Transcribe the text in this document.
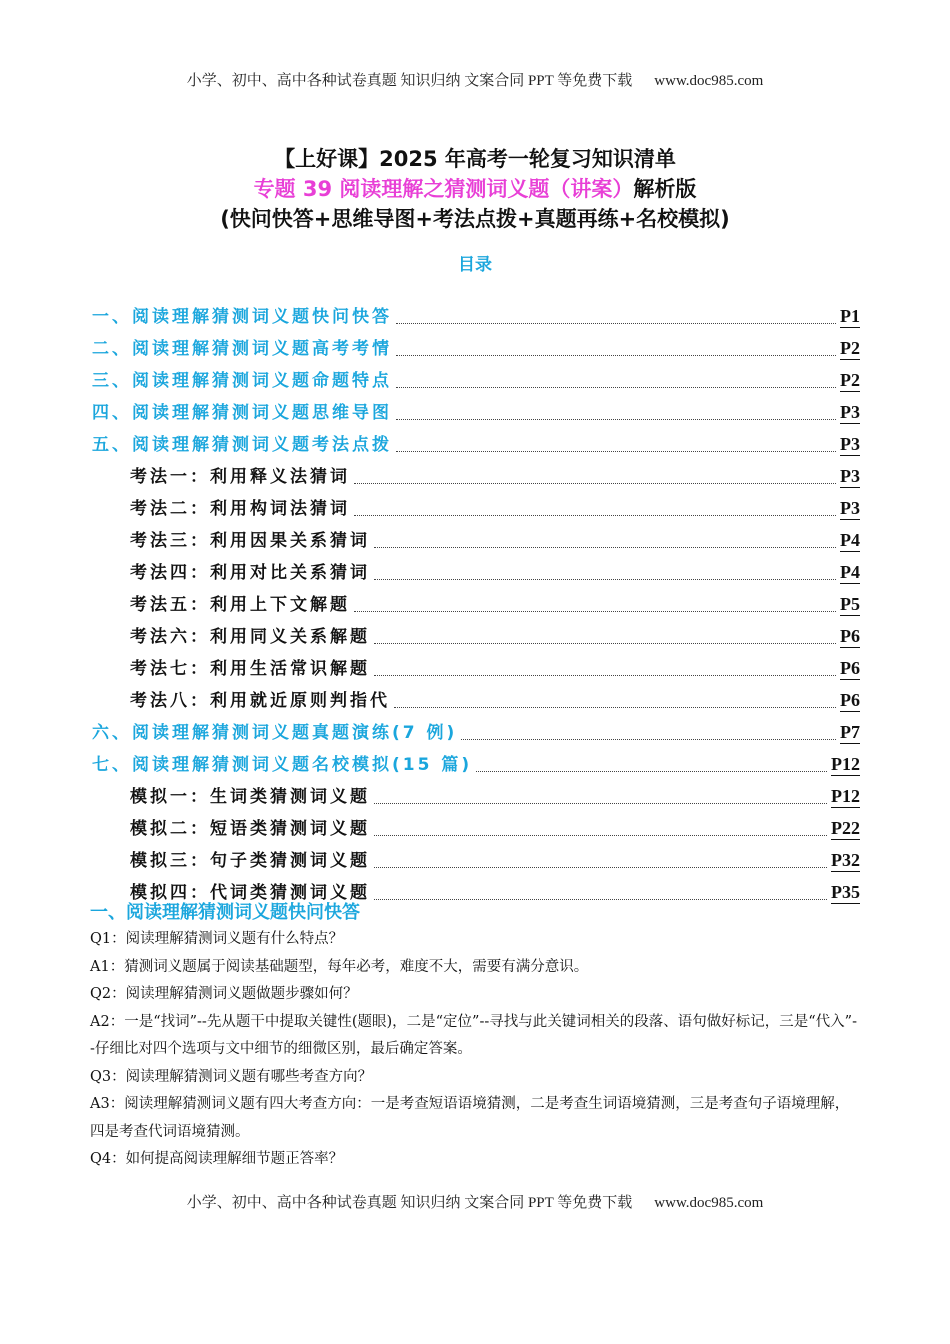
小学、初中、高中各种试卷真题 知识归纳 文案合同 PPT 等免费下载 www.doc985.com
【上好课】2025 年高考一轮复习知识清单
专题 39 阅读理解之猜测词义题（讲案）解析版
(快问快答+思维导图+考法点拨+真题再练+名校模拟)
目录
一、阅读理解猜测词义题快问快答	P1
二、阅读理解猜测词义题高考考情	P2
三、阅读理解猜测词义题命题特点	P2
四、阅读理解猜测词义题思维导图	P3
五、阅读理解猜测词义题考法点拨	P3
考法一：利用释义法猜词	P3
考法二：利用构词法猜词	P3
考法三：利用因果关系猜词	P4
考法四：利用对比关系猜词	P4
考法五：利用上下文解题	P5
考法六：利用同义关系解题	P6
考法七：利用生活常识解题	P6
考法八：利用就近原则判指代	P6
六、阅读理解猜测词义题真题演练(7 例)	P7
七、阅读理解猜测词义题名校模拟(15 篇)	P12
模拟一：生词类猜测词义题	P12
模拟二：短语类猜测词义题	P22
模拟三：句子类猜测词义题	P32
模拟四：代词类猜测词义题	P35
一、阅读理解猜测词义题快问快答

Q1：阅读理解猜测词义题有什么特点？

A1：猜测词义题属于阅读基础题型，每年必考，难度不大，需要有满分意识。

Q2：阅读理解猜测词义题做题步骤如何？

A2：一是“找词”--先从题干中提取关键性(题眼)，二是“定位”--寻找与此关键词相关的段落、语句做好标记，三是“代入”--仔细比对四个选项与文中细节的细微区别，最后确定答案。

Q3：阅读理解猜测词义题有哪些考查方向？

A3：阅读理解猜测词义题有四大考查方向：一是考查短语语境猜测，二是考查生词语境猜测，三是考查句子语境理解，四是考查代词语境猜测。

Q4：如何提高阅读理解细节题正答率？

小学、初中、高中各种试卷真题 知识归纳 文案合同 PPT 等免费下载 www.doc985.com
